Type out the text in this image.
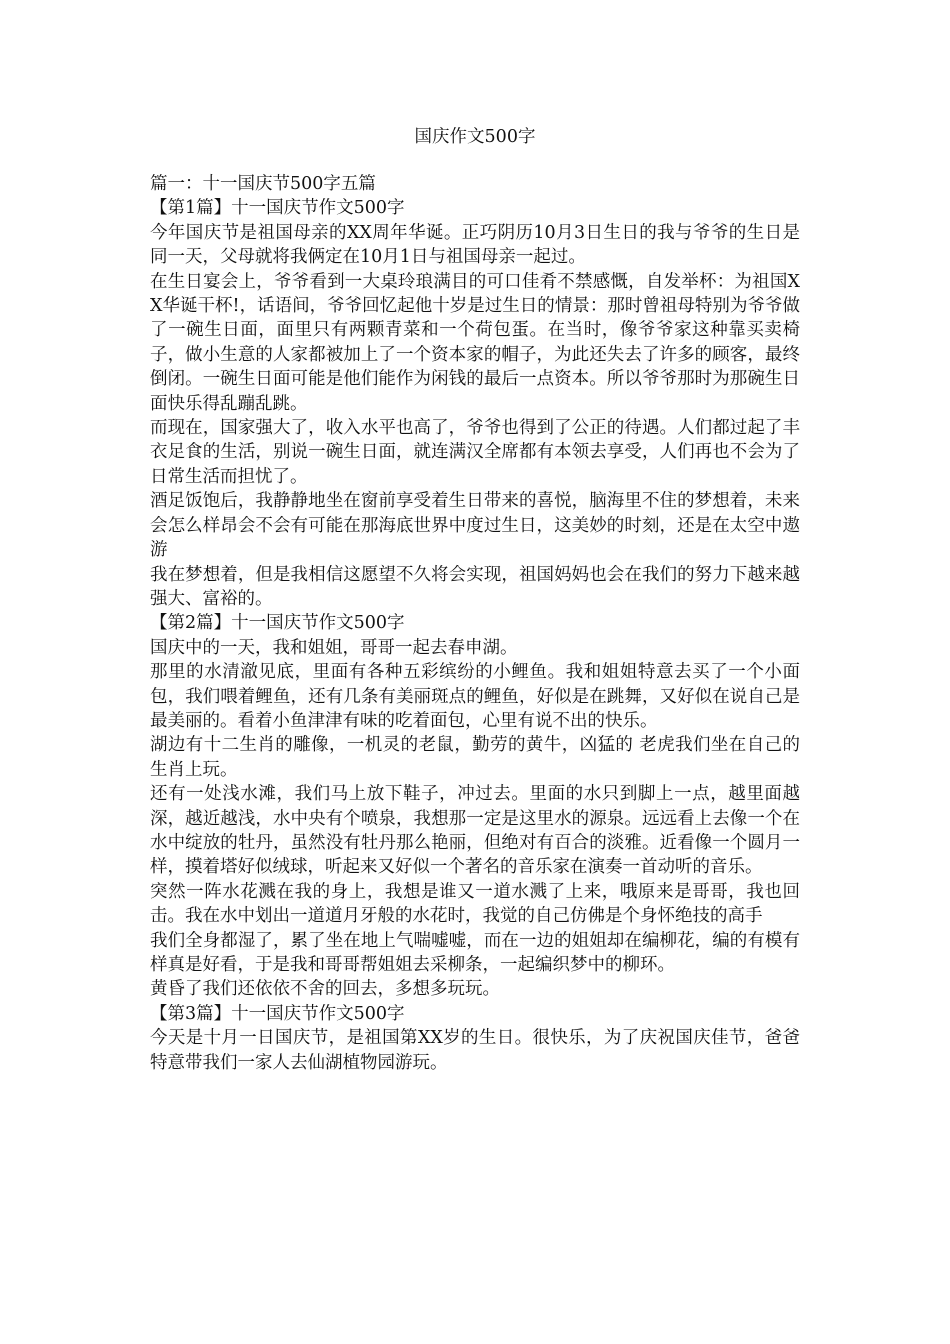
国庆作文500字

篇一：十一国庆节500字五篇

【第1篇】十一国庆节作文500字

今年国庆节是祖国母亲的XX周年华诞。正巧阴历10月3日生日的我与爷爷的生日是同一天，父母就将我俩定在10月1日与祖国母亲一起过。

在生日宴会上，爷爷看到一大桌玲琅满目的可口佳肴不禁感慨，自发举杯：为祖国XX华诞干杯!，话语间，爷爷回忆起他十岁是过生日的情景：那时曾祖母特别为爷爷做了一碗生日面，面里只有两颗青菜和一个荷包蛋。在当时，像爷爷家这种靠买卖椅子，做小生意的人家都被加上了一个资本家的帽子，为此还失去了许多的顾客，最终倒闭。一碗生日面可能是他们能作为闲钱的最后一点资本。所以爷爷那时为那碗生日面快乐得乱蹦乱跳。

而现在，国家强大了，收入水平也高了，爷爷也得到了公正的待遇。人们都过起了丰衣足食的生活，别说一碗生日面，就连满汉全席都有本领去享受，人们再也不会为了日常生活而担忧了。

酒足饭饱后，我静静地坐在窗前享受着生日带来的喜悦，脑海里不住的梦想着，未来会怎么样昂会不会有可能在那海底世界中度过生日，这美妙的时刻，还是在太空中遨游

我在梦想着，但是我相信这愿望不久将会实现，祖国妈妈也会在我们的努力下越来越强大、富裕的。

【第2篇】十一国庆节作文500字

国庆中的一天，我和姐姐，哥哥一起去春申湖。

那里的水清澈见底，里面有各种五彩缤纷的小鲤鱼。我和姐姐特意去买了一个小面包，我们喂着鲤鱼，还有几条有美丽斑点的鲤鱼，好似是在跳舞，又好似在说自己是 最美丽的。看着小鱼津津有味的吃着面包，心里有说不出的快乐。

湖边有十二生肖的雕像，一机灵的老鼠，勤劳的黄牛，凶猛的 老虎我们坐在自己的生肖上玩。

还有一处浅水滩，我们马上放下鞋子，冲过去。里面的水只到脚上一点，越里面越深，越近越浅，水中央有个喷泉，我想那一定是这里水的源泉。远远看上去像一个在水中绽放的牡丹，虽然没有牡丹那么艳丽，但绝对有百合的淡雅。近看像一个圆月一样，摸着塔好似绒球，听起来又好似一个著名的音乐家在演奏一首动听的音乐。

突然一阵水花溅在我的身上，我想是谁又一道水溅了上来，哦原来是哥哥，我也回击。我在水中划出一道道月牙般的水花时，我觉的自己仿佛是个身怀绝技的高手

我们全身都湿了，累了坐在地上气喘嘘嘘，而在一边的姐姐却在编柳花，编的有模有样真是好看，于是我和哥哥帮姐姐去采柳条，一起编织梦中的柳环。

黄昏了我们还依依不舍的回去，多想多玩玩。

【第3篇】十一国庆节作文500字

今天是十月一日国庆节，是祖国第XX岁的生日。很快乐，为了庆祝国庆佳节，爸爸特意带我们一家人去仙湖植物园游玩。
